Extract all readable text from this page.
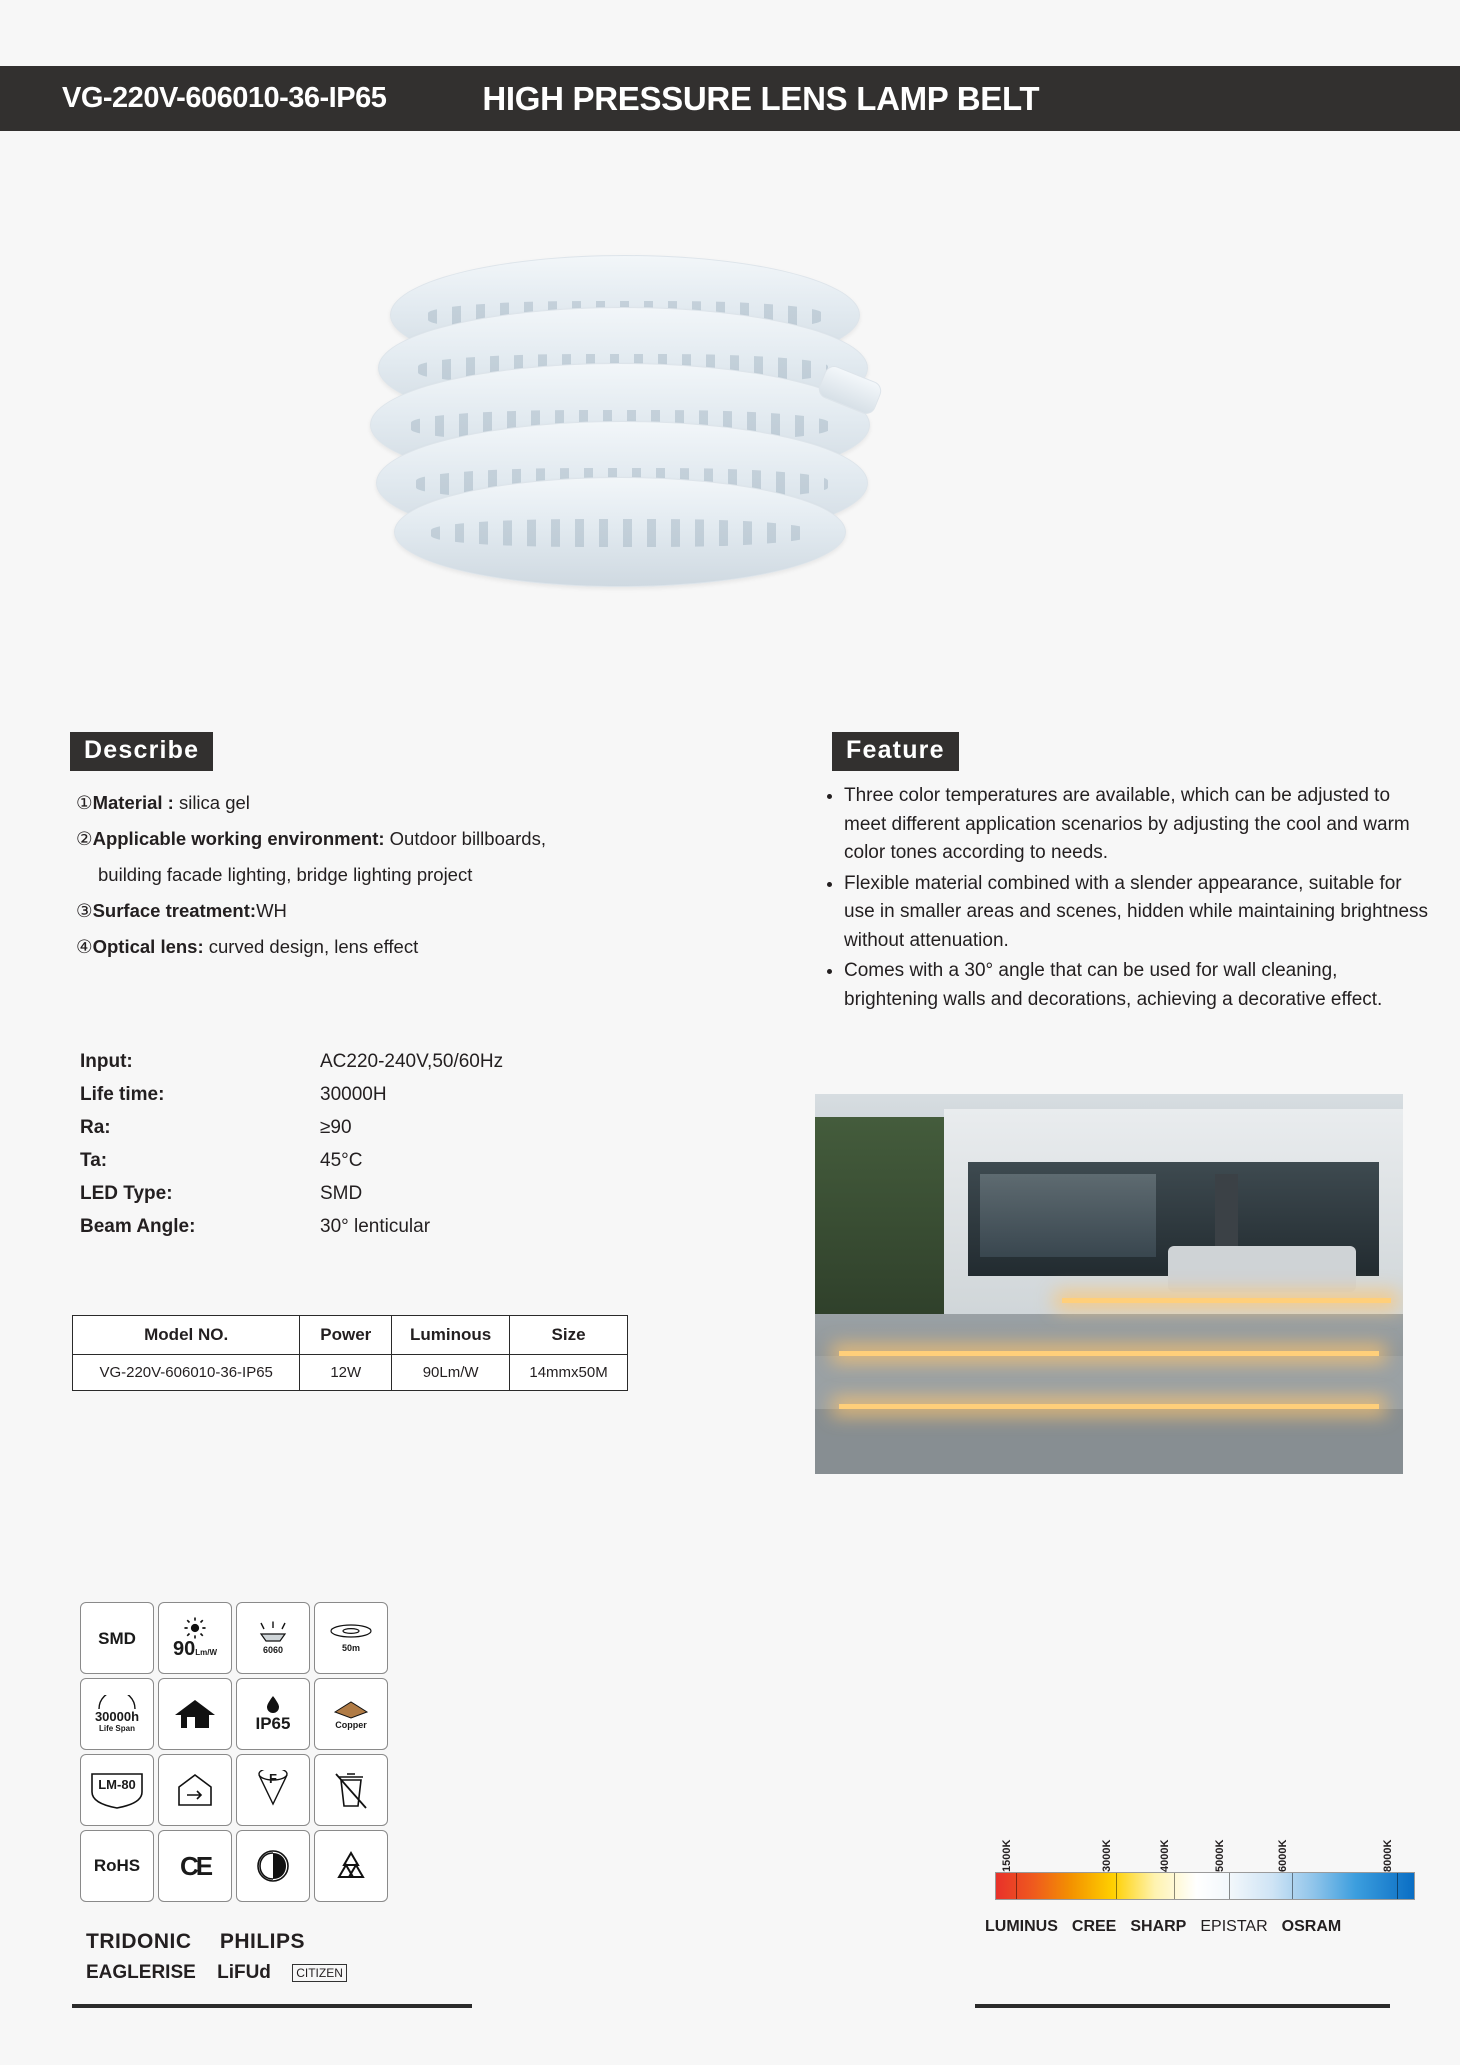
VG-220V-606010-36-IP65	HIGH PRESSURE LENS LAMP BELT
Describe
①Material : silica gel
②Applicable working environment: Outdoor billboards,
building facade lighting, bridge lighting project
③Surface treatment:WH
④Optical lens: curved design, lens effect
Input:	AC220-240V,50/60Hz
Life time:	30000H
Ra:	≥90
Ta:	45°C
LED Type:	SMD
Beam Angle:	30° lenticular
Model NO.	Power	Luminous	Size
VG-220V-606010-36-IP65	12W	90Lm/W	14mmx50M
Feature
• Three color temperatures are available, which can be adjusted to meet different application scenarios by adjusting the cool and warm color tones according to needs.
• Flexible material combined with a slender appearance, suitable for use in smaller areas and scenes, hidden while maintaining brightness without attenuation.
• Comes with a 30° angle that can be used for wall cleaning, brightening walls and decorations, achieving a decorative effect.
SMD 90Lm/W	6060	50m
30000h
Life Span	IP65	Copper
LM-80	F
RoHS CE
TRIDONIC PHILIPS
EAGLERISE LiFUd CITIZEN
1500K	3000K	4000K	5000K	6000K	8000K
LUMINUS CREE SHARP EPISTAR OSRAM
